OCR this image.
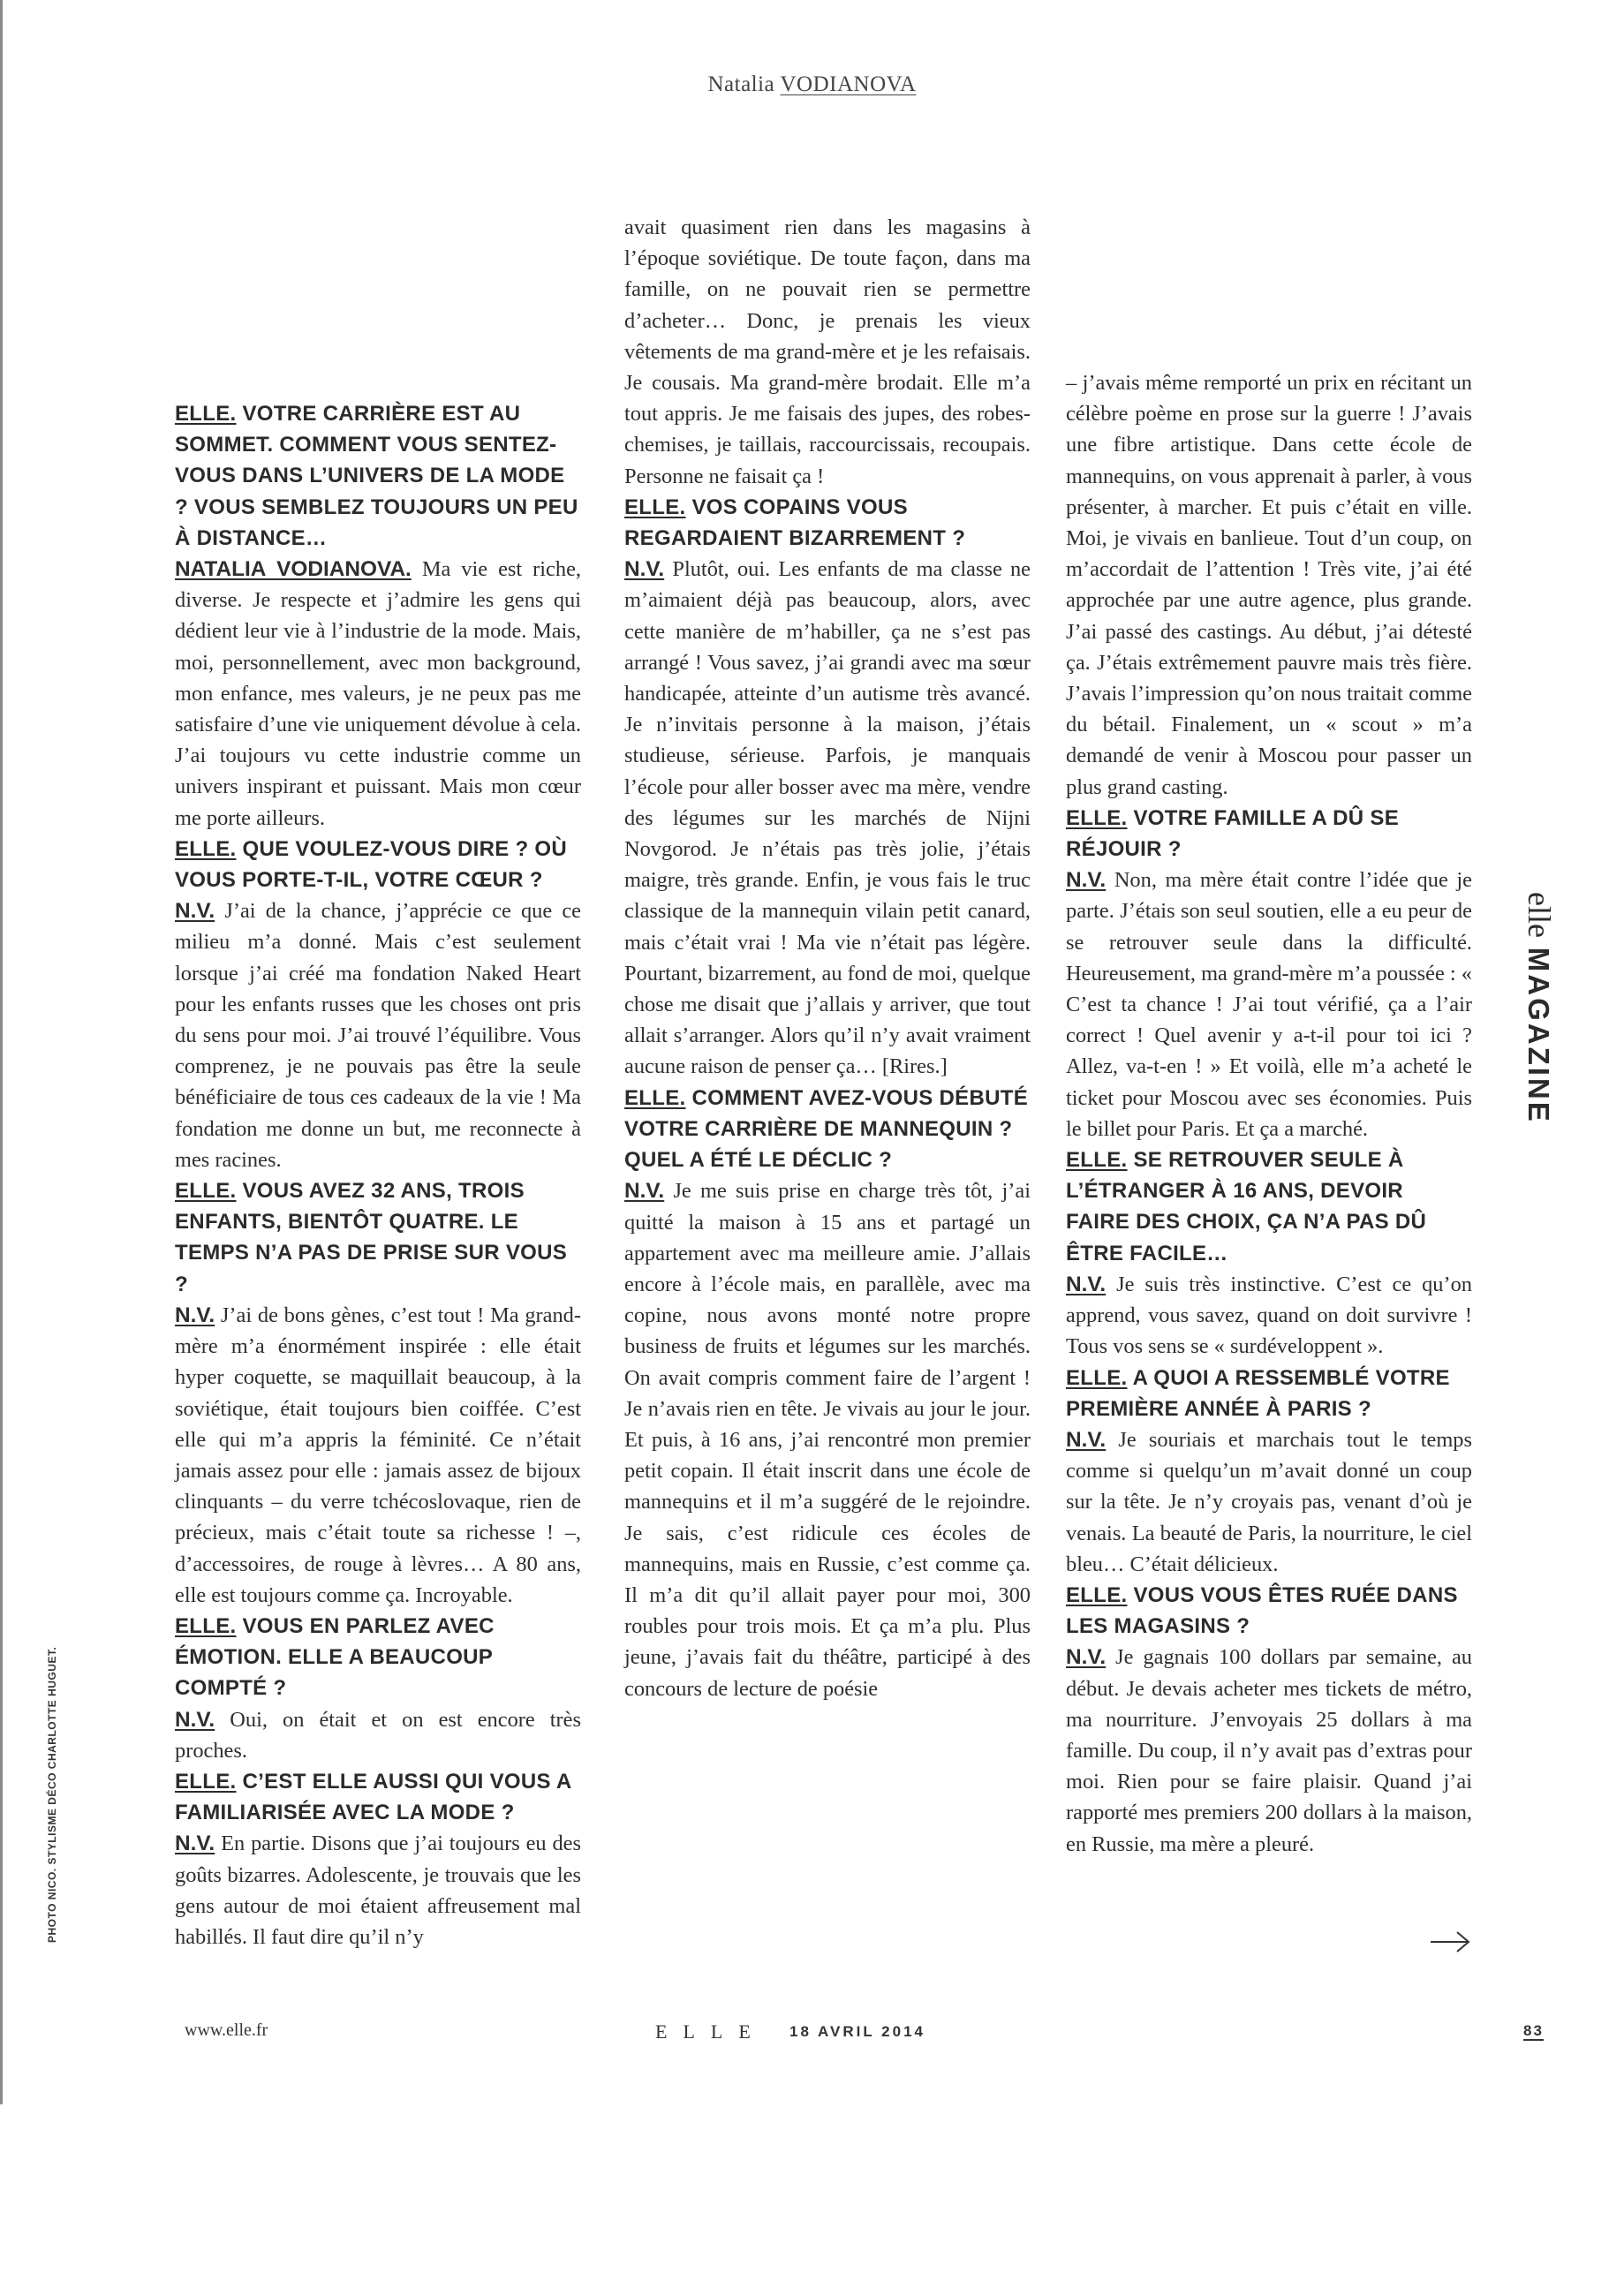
Natalia VODIANOVA

ELLE. VOTRE CARRIÈRE EST AU SOMMET. COMMENT VOUS SENTEZ-VOUS DANS L’UNIVERS DE LA MODE ? VOUS SEMBLEZ TOUJOURS UN PEU À DISTANCE…

NATALIA VODIANOVA. Ma vie est riche, diverse. Je respecte et j’admire les gens qui dédient leur vie à l’industrie de la mode. Mais, moi, personnellement, avec mon background, mon enfance, mes valeurs, je ne peux pas me satisfaire d’une vie uniquement dévolue à cela. J’ai toujours vu cette industrie comme un univers inspirant et puissant. Mais mon cœur me porte ailleurs.

ELLE. QUE VOULEZ-VOUS DIRE ? OÙ VOUS PORTE-T-IL, VOTRE CŒUR ?

N.V. J’ai de la chance, j’apprécie ce que ce milieu m’a donné. Mais c’est seulement lorsque j’ai créé ma fondation Naked Heart pour les enfants russes que les choses ont pris du sens pour moi. J’ai trouvé l’équilibre. Vous comprenez, je ne pouvais pas être la seule bénéficiaire de tous ces cadeaux de la vie ! Ma fondation me donne un but, me reconnecte à mes racines.

ELLE. VOUS AVEZ 32 ANS, TROIS ENFANTS, BIENTÔT QUATRE. LE TEMPS N’A PAS DE PRISE SUR VOUS ?

N.V. J’ai de bons gènes, c’est tout ! Ma grand-mère m’a énormément inspirée : elle était hyper coquette, se maquillait beaucoup, à la soviétique, était toujours bien coiffée. C’est elle qui m’a appris la féminité. Ce n’était jamais assez pour elle : jamais assez de bijoux clinquants – du verre tchécoslovaque, rien de précieux, mais c’était toute sa richesse ! –, d’accessoires, de rouge à lèvres… A 80 ans, elle est toujours comme ça. Incroyable.

ELLE. VOUS EN PARLEZ AVEC ÉMOTION. ELLE A BEAUCOUP COMPTÉ ?

N.V. Oui, on était et on est encore très proches.

ELLE. C’EST ELLE AUSSI QUI VOUS A FAMILIARISÉE AVEC LA MODE ?

N.V. En partie. Disons que j’ai toujours eu des goûts bizarres. Adolescente, je trouvais que les gens autour de moi étaient affreusement mal habillés. Il faut dire qu’il n’y

avait quasiment rien dans les magasins à l’époque soviétique. De toute façon, dans ma famille, on ne pouvait rien se permettre d’acheter… Donc, je prenais les vieux vêtements de ma grand-mère et je les refaisais. Je cousais. Ma grand-mère brodait. Elle m’a tout appris. Je me faisais des jupes, des robes-chemises, je taillais, raccourcissais, recoupais. Personne ne faisait ça !

ELLE. VOS COPAINS VOUS REGARDAIENT BIZARREMENT ?

N.V. Plutôt, oui. Les enfants de ma classe ne m’aimaient déjà pas beaucoup, alors, avec cette manière de m’habiller, ça ne s’est pas arrangé ! Vous savez, j’ai grandi avec ma sœur handicapée, atteinte d’un autisme très avancé. Je n’invitais personne à la maison, j’étais studieuse, sérieuse. Parfois, je manquais l’école pour aller bosser avec ma mère, vendre des légumes sur les marchés de Nijni Novgorod. Je n’étais pas très jolie, j’étais maigre, très grande. Enfin, je vous fais le truc classique de la mannequin vilain petit canard, mais c’était vrai ! Ma vie n’était pas légère. Pourtant, bizarrement, au fond de moi, quelque chose me disait que j’allais y arriver, que tout allait s’arranger. Alors qu’il n’y avait vraiment aucune raison de penser ça… [Rires.]

ELLE. COMMENT AVEZ-VOUS DÉBUTÉ VOTRE CARRIÈRE DE MANNEQUIN ? QUEL A ÉTÉ LE DÉCLIC ?

N.V. Je me suis prise en charge très tôt, j’ai quitté la maison à 15 ans et partagé un appartement avec ma meilleure amie. J’allais encore à l’école mais, en parallèle, avec ma copine, nous avons monté notre propre business de fruits et légumes sur les marchés. On avait compris comment faire de l’argent ! Je n’avais rien en tête. Je vivais au jour le jour. Et puis, à 16 ans, j’ai rencontré mon premier petit copain. Il était inscrit dans une école de mannequins et il m’a suggéré de le rejoindre. Je sais, c’est ridicule ces écoles de mannequins, mais en Russie, c’est comme ça. Il m’a dit qu’il allait payer pour moi, 300 roubles pour trois mois. Et ça m’a plu. Plus jeune, j’avais fait du théâtre, participé à des concours de lecture de poésie

– j’avais même remporté un prix en récitant un célèbre poème en prose sur la guerre ! J’avais une fibre artistique. Dans cette école de mannequins, on vous apprenait à parler, à vous présenter, à marcher. Et puis c’était en ville. Moi, je vivais en banlieue. Tout d’un coup, on m’accordait de l’attention ! Très vite, j’ai été approchée par une autre agence, plus grande. J’ai passé des castings. Au début, j’ai détesté ça. J’étais extrêmement pauvre mais très fière. J’avais l’impression qu’on nous traitait comme du bétail. Finalement, un « scout » m’a demandé de venir à Moscou pour passer un plus grand casting.

ELLE. VOTRE FAMILLE A DÛ SE RÉJOUIR ?

N.V. Non, ma mère était contre l’idée que je parte. J’étais son seul soutien, elle a eu peur de se retrouver seule dans la difficulté. Heureusement, ma grand-mère m’a poussée : « C’est ta chance ! J’ai tout vérifié, ça a l’air correct ! Quel avenir y a-t-il pour toi ici ? Allez, va-t-en ! » Et voilà, elle m’a acheté le ticket pour Moscou avec ses économies. Puis le billet pour Paris. Et ça a marché.

ELLE. SE RETROUVER SEULE À L’ÉTRANGER À 16 ANS, DEVOIR FAIRE DES CHOIX, ÇA N’A PAS DÛ ÊTRE FACILE…

N.V. Je suis très instinctive. C’est ce qu’on apprend, vous savez, quand on doit survivre ! Tous vos sens se « surdéveloppent ».

ELLE. A QUOI A RESSEMBLÉ VOTRE PREMIÈRE ANNÉE À PARIS ?

N.V. Je souriais et marchais tout le temps comme si quelqu’un m’avait donné un coup sur la tête. Je n’y croyais pas, venant d’où je venais. La beauté de Paris, la nourriture, le ciel bleu… C’était délicieux.

ELLE. VOUS VOUS ÊTES RUÉE DANS LES MAGASINS ?

N.V. Je gagnais 100 dollars par semaine, au début. Je devais acheter mes tickets de métro, ma nourriture. J’envoyais 25 dollars à ma famille. Du coup, il n’y avait pas d’extras pour moi. Rien pour se faire plaisir. Quand j’ai rapporté mes premiers 200 dollars à la maison, en Russie, ma mère a pleuré.

elle MAGAZINE
PHOTO NICO. STYLISME DÉCO CHARLOTTE HUGUET.
www.elle.fr	ELLE 18 AVRIL 2014	83
